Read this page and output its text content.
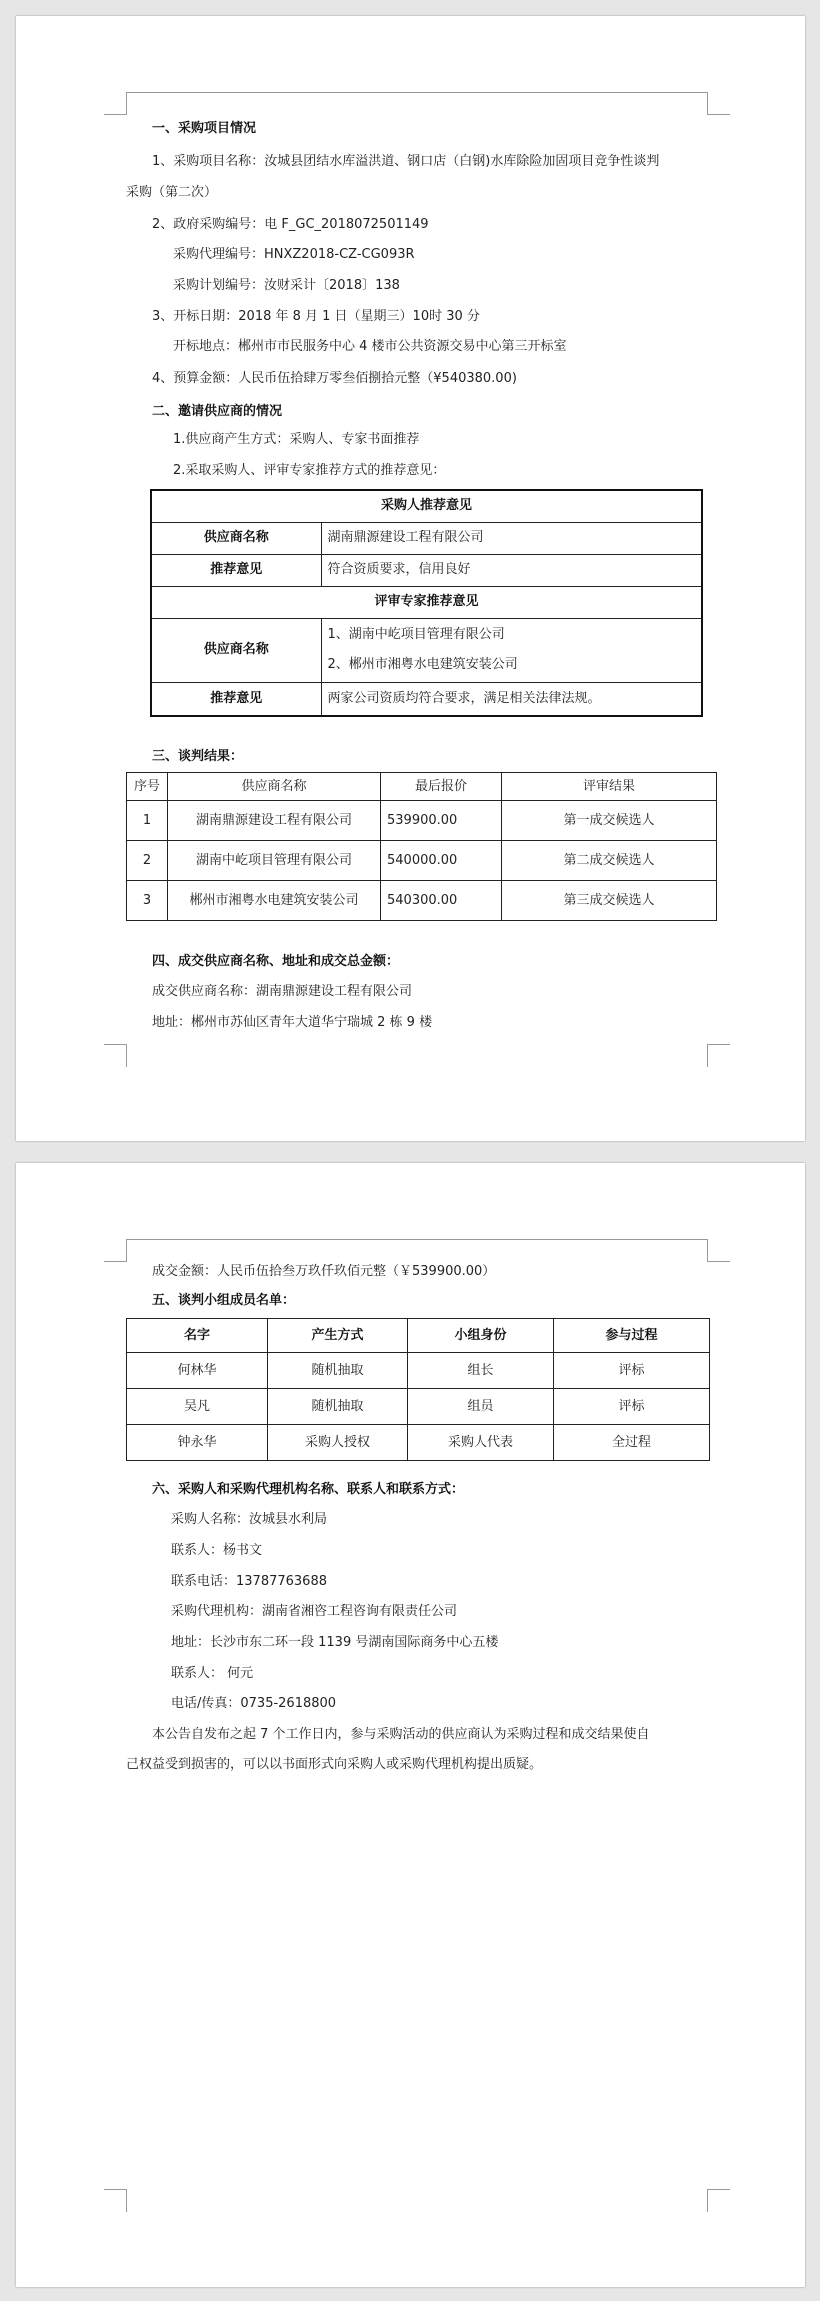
一、采购项目情况
1、采购项目名称：汝城县团结水库溢洪道、钢口店（白钢)水库除险加固项目竞争性谈判
采购（第二次）
2、政府采购编号：电 F_GC_2018072501149
采购代理编号：HNXZ2018-CZ-CG093R
采购计划编号：汝财采计〔2018〕138
3、开标日期：2018 年 8 月 1 日（星期三）10时 30 分
开标地点：郴州市市民服务中心 4 楼市公共资源交易中心第三开标室
4、预算金额：人民币伍拾肆万零叁佰捌拾元整（¥540380.00)
二、邀请供应商的情况
1.供应商产生方式：采购人、专家书面推荐
2.采取采购人、评审专家推荐方式的推荐意见：
采购人推荐意见	
供应商名称	湖南鼎源建设工程有限公司
推荐意见	符合资质要求，信用良好
评审专家推荐意见	
供应商名称	1、湖南中屹项目管理有限公司
2、郴州市湘粤水电建筑安装公司

推荐意见	两家公司资质均符合要求，满足相关法律法规。
三、谈判结果：
序号	供应商名称	最后报价	评审结果
1	湖南鼎源建设工程有限公司	539900.00	第一成交候选人
2	湖南中屹项目管理有限公司	540000.00	第二成交候选人
3	郴州市湘粤水电建筑安装公司	540300.00	第三成交候选人
四、成交供应商名称、地址和成交总金额：
成交供应商名称：湖南鼎源建设工程有限公司
地址：郴州市苏仙区青年大道华宁瑞城 2 栋 9 楼
成交金额：人民币伍拾叁万玖仟玖佰元整（￥539900.00）
五、谈判小组成员名单：
名字	产生方式	小组身份	参与过程
何林华	随机抽取	组长	评标
吴凡	随机抽取	组员	评标
钟永华	采购人授权	采购人代表	全过程
六、采购人和采购代理机构名称、联系人和联系方式：
采购人名称：汝城县水利局
联系人：杨书文
联系电话：13787763688
采购代理机构：湖南省湘咨工程咨询有限责任公司
地址：长沙市东二环一段 1139 号湖南国际商务中心五楼
联系人： 何元
电话/传真：0735-2618800
本公告自发布之起 7 个工作日内，参与采购活动的供应商认为采购过程和成交结果使自
己权益受到损害的，可以以书面形式向采购人或采购代理机构提出质疑。
